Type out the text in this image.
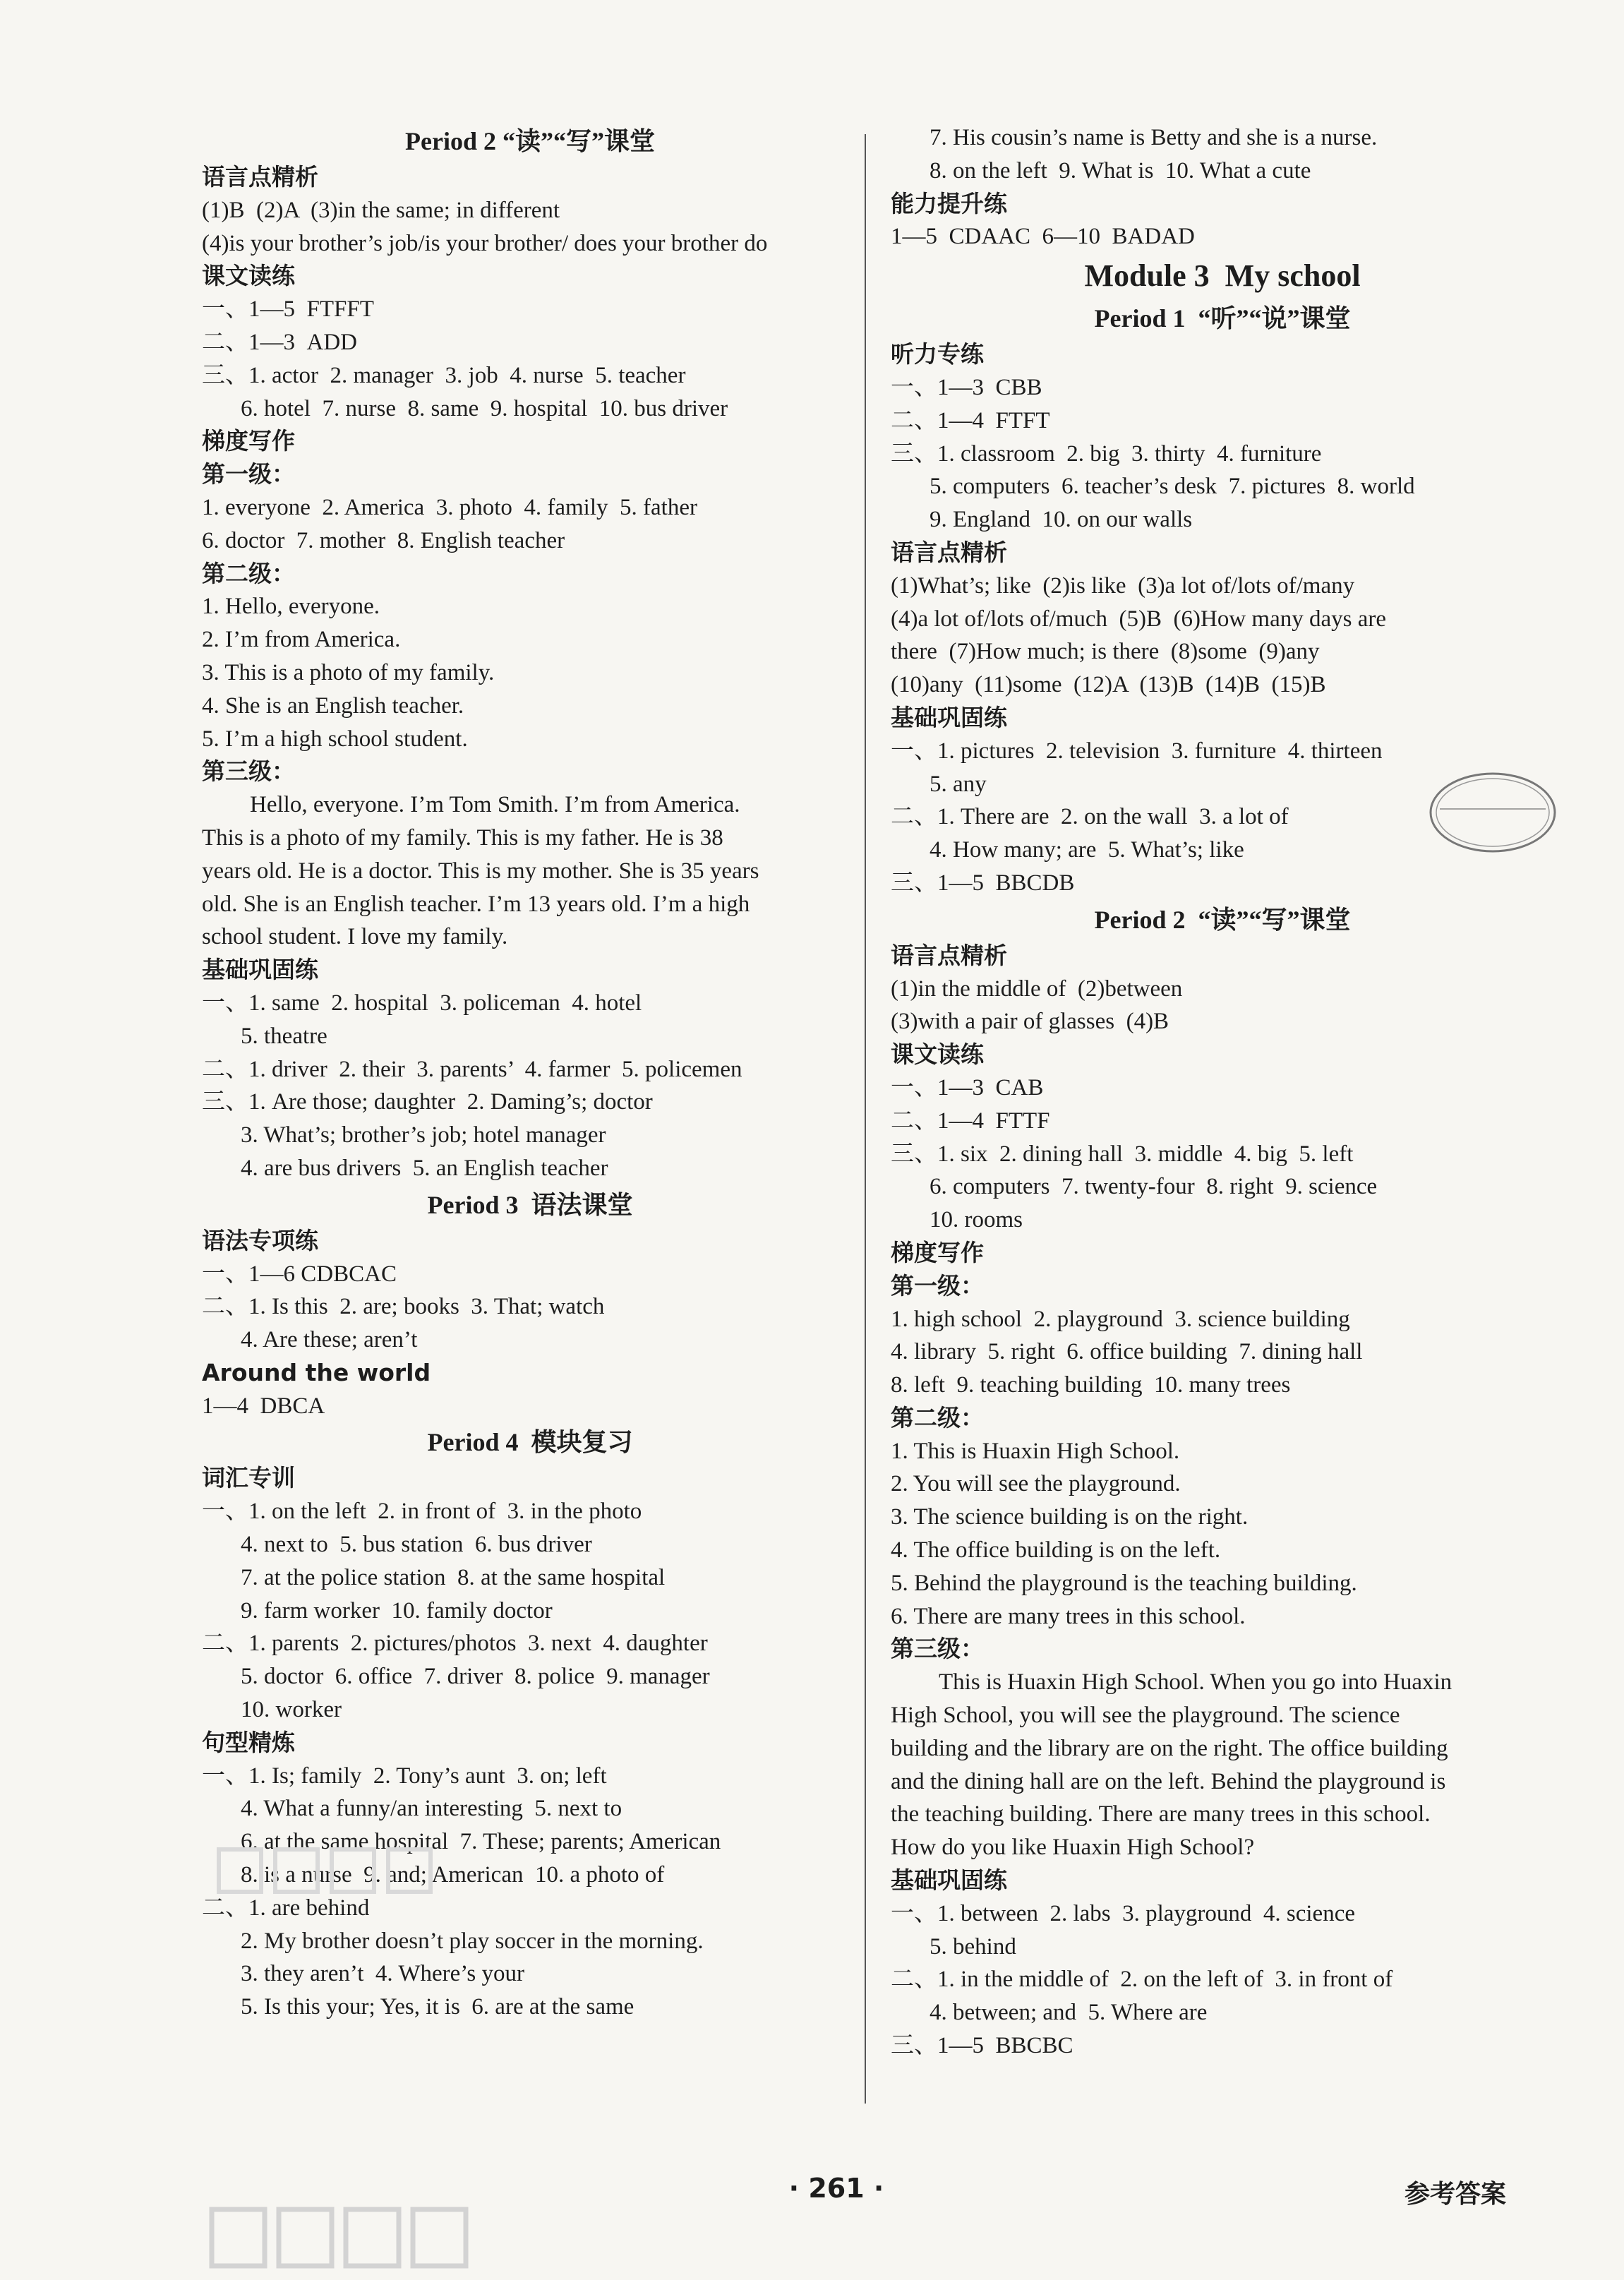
Period 2 “读”“写”课堂
语言点精析
(1)B  (2)A  (3)in the same; in different
(4)is your brother’s job/is your brother/ does your brother do
课文读练
一、1—5  FTFFT
二、1—3  ADD
三、1. actor  2. manager  3. job  4. nurse  5. teacher
6. hotel  7. nurse  8. same  9. hospital  10. bus driver
梯度写作
第一级：
1. everyone  2. America  3. photo  4. family  5. father
6. doctor  7. mother  8. English teacher
第二级：
1. Hello, everyone.
2. I’m from America.
3. This is a photo of my family.
4. She is an English teacher.
5. I’m a high school student.
第三级：
Hello, everyone. I’m Tom Smith. I’m from America.
This is a photo of my family. This is my father. He is 38
years old. He is a doctor. This is my mother. She is 35 years
old. She is an English teacher. I’m 13 years old. I’m a high
school student. I love my family.
基础巩固练
一、1. same  2. hospital  3. policeman  4. hotel
5. theatre
二、1. driver  2. their  3. parents’  4. farmer  5. policemen
三、1. Are those; daughter  2. Daming’s; doctor
3. What’s; brother’s job; hotel manager
4. are bus drivers  5. an English teacher
Period 3  语法课堂
语法专项练
一、1—6 CDBCAC
二、1. Is this  2. are; books  3. That; watch
4. Are these; aren’t
Around the world
1—4  DBCA
Period 4  模块复习
词汇专训
一、1. on the left  2. in front of  3. in the photo
4. next to  5. bus station  6. bus driver
7. at the police station  8. at the same hospital
9. farm worker  10. family doctor
二、1. parents  2. pictures/photos  3. next  4. daughter
5. doctor  6. office  7. driver  8. police  9. manager
10. worker
句型精炼
一、1. Is; family  2. Tony’s aunt  3. on; left
4. What a funny/an interesting  5. next to
6. at the same hospital  7. These; parents; American
8. is a nurse  9. and; American  10. a photo of
二、1. are behind
2. My brother doesn’t play soccer in the morning.
3. they aren’t  4. Where’s your
5. Is this your; Yes, it is  6. are at the same
7. His cousin’s name is Betty and she is a nurse.
8. on the left  9. What is  10. What a cute
能力提升练
1—5  CDAAC  6—10  BADAD
Module 3  My school
Period 1  “听”“说”课堂
听力专练
一、1—3  CBB
二、1—4  FTFT
三、1. classroom  2. big  3. thirty  4. furniture
5. computers  6. teacher’s desk  7. pictures  8. world
9. England  10. on our walls
语言点精析
(1)What’s; like  (2)is like  (3)a lot of/lots of/many
(4)a lot of/lots of/much  (5)B  (6)How many days are
there  (7)How much; is there  (8)some  (9)any
(10)any  (11)some  (12)A  (13)B  (14)B  (15)B
基础巩固练
一、1. pictures  2. television  3. furniture  4. thirteen
5. any
二、1. There are  2. on the wall  3. a lot of
4. How many; are  5. What’s; like
三、1—5  BBCDB
Period 2  “读”“写”课堂
语言点精析
(1)in the middle of  (2)between
(3)with a pair of glasses  (4)B
课文读练
一、1—3  CAB
二、1—4  FTTF
三、1. six  2. dining hall  3. middle  4. big  5. left
6. computers  7. twenty-four  8. right  9. science
10. rooms
梯度写作
第一级：
1. high school  2. playground  3. science building
4. library  5. right  6. office building  7. dining hall
8. left  9. teaching building  10. many trees
第二级：
1. This is Huaxin High School.
2. You will see the playground.
3. The science building is on the right.
4. The office building is on the left.
5. Behind the playground is the teaching building.
6. There are many trees in this school.
第三级：
This is Huaxin High School. When you go into Huaxin
High School, you will see the playground. The science
building and the library are on the right. The office building
and the dining hall are on the left. Behind the playground is
the teaching building. There are many trees in this school.
How do you like Huaxin High School?
基础巩固练
一、1. between  2. labs  3. playground  4. science
5. behind
二、1. in the middle of  2. on the left of  3. in front of
4. between; and  5. Where are
三、1—5  BBCBC
· 261 ·	参考答案
